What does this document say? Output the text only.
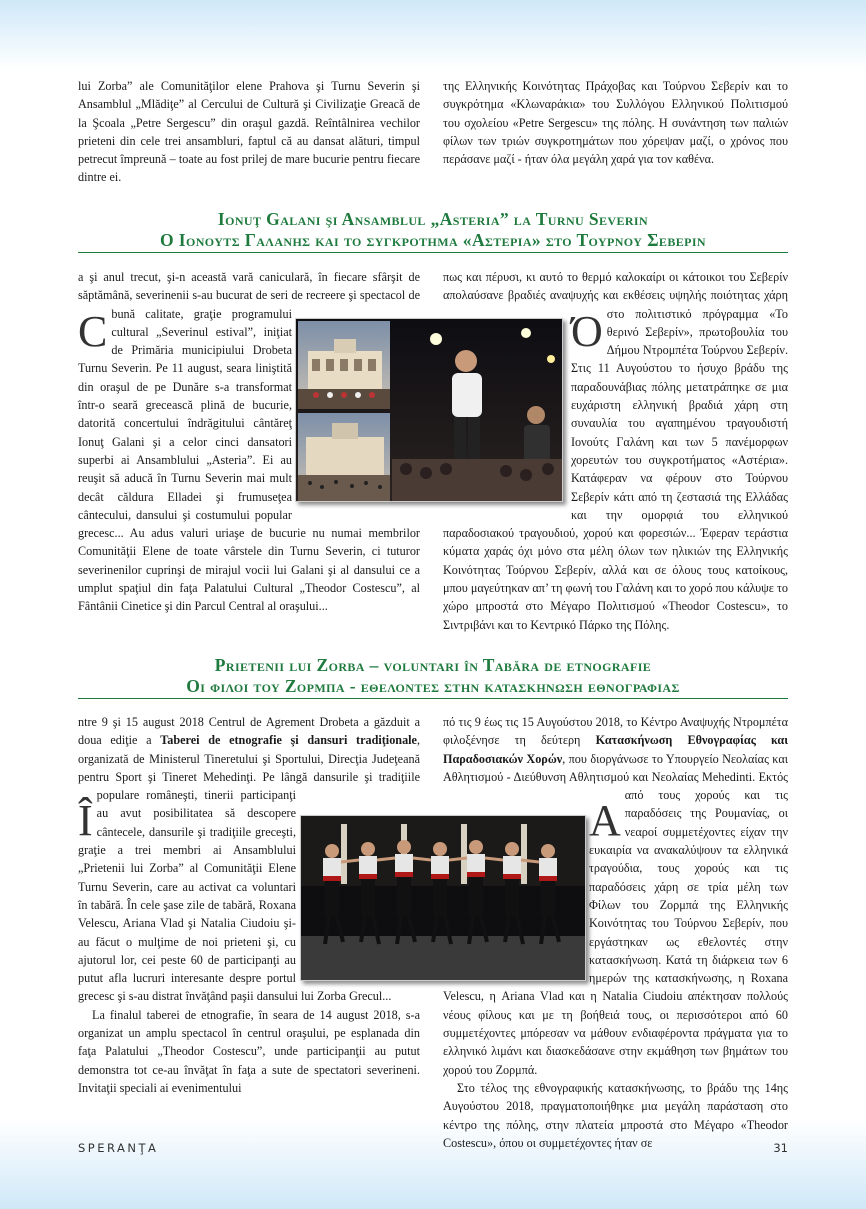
lui Zorba” ale Comunităţilor elene Prahova şi Turnu Severin şi Ansamblul „Mlădiţe” al Cercului de Cultură şi Civilizaţie Greacă de la Şcoala „Petre Sergescu” din oraşul gazdă. Reîntâlnirea vechilor prieteni din cele trei ansambluri, faptul că au dansat alături, timpul petrecut împreună – toate au fost prilej de mare bucurie pentru fiecare dintre ei.

της Ελληνικής Κοινότητας Πράχοβας και Τούρνου Σεβερίν και το συγκρότημα «Κλωναράκια» του Συλλόγου Ελληνικού Πολιτισμού του σχολείου «Petre Sergescu» της πόλης. Η συνάντηση των παλιών φίλων των τριών συγκροτημάτων που χόρεψαν μαζί, ο χρόνος που περάσανε μαζί - ήταν όλα μεγάλη χαρά για τον καθένα.

Ionuţ Galani şi Ansamblul „Asteria” la Turnu Severin
Ο Ιονουτς Γαλανης και το συγκροτημα «Αστερια» στο Τουρνου Σεβεριν
C

a şi anul trecut, şi-n această vară caniculară, în fiecare sfârşit de săptămână, severinenii s-au bucurat de seri de recreere şi spectacol de bună calitate, graţie programului cultural „Severinul estival”, iniţiat de Primăria municipiului Drobeta Turnu Severin. Pe 11 august, seara liniştită din oraşul de pe Dunăre s-a transformat într-o seară grecească plină de bucurie, datorită concertului îndrăgitului cântăreţ Ionuţ Galani şi a celor cinci dansatori superbi ai Ansamblului „Asteria”. Ei au reuşit să aducă în Turnu Severin mai mult decât căldura Elladei şi frumuseţea cântecului, dansului şi costumului popular grecesc... Au adus valuri uriaşe de bucurie nu numai membrilor Comunităţii Elene de toate vârstele din Turnu Severin, ci tuturor severinenilor cuprinşi de mirajul vocii lui Galani şi al dansului ce a umplut spaţiul din faţa Palatului Cultural „Theodor Costescu”, al Fântânii Cinetice şi din Parcul Central al oraşului...

Ό

πως και πέρυσι, κι αυτό το θερμό καλοκαίρι οι κάτοικοι του Σεβερίν απολαύσανε βραδιές αναψυχής και εκθέσεις υψηλής ποιότητας χάρη στο πολιτιστικό πρόγραμμα «Το θερινό Σεβερίν», πρωτοβουλία του Δήμου Ντρομπέτα Τούρνου Σεβερίν. Στις 11 Αυγούστου το ήσυχο βράδυ της παραδουνάβιας πόλης μετατράπηκε σε μια ευχάριστη ελληνική βραδιά χάρη στη συναυλία του αγαπημένου τραγουδιστή Ιονούτς Γαλάνη και των 5 πανέμορφων χορευτών του συγκροτήματος «Αστέρια». Κατάφεραν να φέρουν στο Τούρνου Σεβερίν κάτι από τη ζεστασιά της Ελλάδας και την ομορφιά του ελληνικού παραδοσιακού τραγουδιού, χορού και φορεσιών... Έφεραν τεράστια κύματα χαράς όχι μόνο στα μέλη όλων των ηλικιών της Ελληνικής Κοινότητας Τούρνου Σεβερίν, αλλά και σε όλους τους κατοίκους, μπου μαγεύτηκαν απ’ τη φωνή του Γαλάνη και το χορό που κάλυψε το χώρο μπροστά στο Μέγαρο Πολιτισμού «Theodor Costescu», το Σιντριβάνι και το Κεντρικό Πάρκο της Πόλης.

Prietenii lui Zorba – voluntari în Tabăra de etnografie
Οι φιλοι του Ζορμπα - εθελοντες στην κατασκηνωση εθνογραφιας
Î

ntre 9 şi 15 august 2018 Centrul de Agrement Drobeta a găzduit a doua ediţie a Taberei de etnografie şi dansuri tradiţionale, organizată de Ministerul Tineretului şi Sportului, Direcţia Judeţeană pentru Sport şi Tineret Mehedinţi. Pe lângă dansurile şi tradiţiile populare româneşti, tinerii participanţi au avut posibilitatea să descopere cântecele, dansurile şi tradiţiile greceşti, graţie a trei membri ai Ansamblului „Prietenii lui Zorba” al Comunităţii Elene Turnu Severin, care au activat ca voluntari în tabără. În cele şase zile de tabără, Roxana Velescu, Ariana Vlad şi Natalia Ciudoiu şi-au făcut o mulţime de noi prieteni şi, cu ajutorul lor, cei peste 60 de participanţi au putut afla lucruri interesante despre portul grecesc şi s-au distrat învăţând paşii dansului lui Zorba Grecul...

La finalul taberei de etnografie, în seara de 14 august 2018, s-a organizat un amplu spectacol în centrul oraşului, pe esplanada din faţa Palatului „Theodor Costescu”, unde participanţii au putut demonstra tot ce-au învăţat în faţa a sute de spectatori severineni. Invitaţii speciali ai evenimentului

Α

πό τις 9 έως τις 15 Αυγούστου 2018, το Κέντρο Αναψυχής Ντρομπέτα φιλοξένησε τη δεύτερη Κατασκήνωση Εθνογραφίας και Παραδοσιακών Χορών, που διοργάνωσε το Υπουργείο Νεολαίας και Αθλητισμού - Διεύθυνση Αθλητισμού και Νεολαίας Mehedinti. Εκτός από τους χορούς και τις παραδόσεις της Ρουμανίας, οι νεαροί συμμετέχοντες είχαν την ευκαιρία να ανακαλύψουν τα ελληνικά τραγούδια, τους χορούς και τις παραδόσεις χάρη σε τρία μέλη των Φίλων του Ζορμπά της Ελληνικής Κοινότητας του Τούρνου Σεβερίν, που εργάστηκαν ως εθελοντές στην κατασκήνωση. Κατά τη διάρκεια των 6 ημερών της κατασκήνωσης, η Roxana Velescu, η Ariana Vlad και η Natalia Ciudoiu απέκτησαν πολλούς νέους φίλους και με τη βοήθειά τους, οι περισσότεροι από 60 συμμετέχοντες μπόρεσαν να μάθουν ενδιαφέροντα πράγματα για το ελληνικό λιμάνι και διασκεδάσανε στην εκμάθηση των βημάτων του χορού του Ζορμπά.

Στο τέλος της εθνογραφικής κατασκήνωσης, το βράδυ της 14ης Αυγούστου 2018, πραγματοποιήθηκε μια μεγάλη παράσταση στο κέντρο της πόλης, στην πλατεία μπροστά στο Μέγαρο «Theodor Costescu», όπου οι συμμετέχοντες ήταν σε

SPERANŢA	31
